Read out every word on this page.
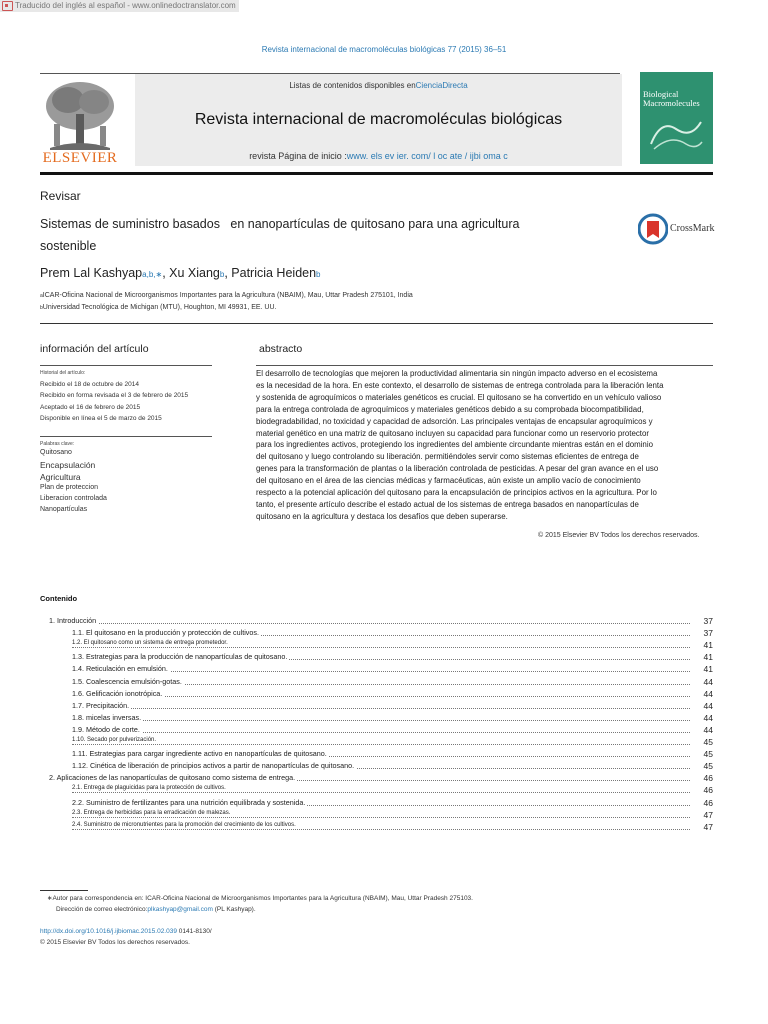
Traducido del inglés al español - www.onlinedoctranslator.com
Revista internacional de macromoléculas biológicas 77 (2015) 36–51
ELSEVIER
Listas de contenidos disponibles enCienciaDirecta
Revista internacional de macromoléculas biológicas
revista Página de inicio :www. els ev ier. com/ l oc ate / ijbi oma c
Biological Macromolecules
Revisar
Sistemas de suministro basados   en nanopartículas de quitosano para una agricultura
sostenible
CrossMark
Prem Lal Kashyapa,b,∗, Xu Xiangb, Patricia Heidenb
aICAR-Oficina Nacional de Microorganismos Importantes para la Agricultura (NBAIM), Mau, Uttar Pradesh 275101, India
bUniversidad Tecnológica de Michigan (MTU), Houghton, MI 49931, EE. UU.
información del artículo
Historial del artículo:
Recibido el 18 de octubre de 2014
Recibido en forma revisada el 3 de febrero de 2015
Aceptado el 16 de febrero de 2015
Disponible en línea el 5 de marzo de 2015
Palabras clave:
Quitosano
Encapsulación
Agricultura
Plan de proteccion
Liberacion controlada
Nanopartículas
abstracto
El desarrollo de tecnologías que mejoren la productividad alimentaria sin ningún impacto adverso en el ecosistema
es la necesidad de la hora. En este contexto, el desarrollo de sistemas de entrega controlada para la liberación lenta
y sostenida de agroquímicos o materiales genéticos es crucial. El quitosano se ha convertido en un vehículo valioso
para la entrega controlada de agroquímicos y materiales genéticos debido a su comprobada biocompatibilidad,
biodegradabilidad, no toxicidad y capacidad de adsorción. Las principales ventajas de encapsular agroquímicos y
material genético en una matriz de quitosano incluyen su capacidad para funcionar como un reservorio protector
para los ingredientes activos, protegiendo los ingredientes del ambiente circundante mientras están en el dominio
del quitosano y luego controlando su liberación. permitiéndoles servir como sistemas eficientes de entrega de
genes para la transformación de plantas o la liberación controlada de pesticidas. A pesar del gran avance en el uso
del quitosano en el área de las ciencias médicas y farmacéuticas, aún existe un amplio vacío de conocimiento
respecto a la potencial aplicación del quitosano para la encapsulación de principios activos en la agricultura. Por lo
tanto, el presente artículo describe el estado actual de los sistemas de entrega basados en nanopartículas de
quitosano en la agricultura y destaca los desafíos que deben superarse.
© 2015 Elsevier BV Todos los derechos reservados.
Contenido
1. Introducción	37
1.1. El quitosano en la producción y protección de cultivos.	37
1.2. El quitosano como un sistema de entrega prometedor.	41
1.3. Estrategias para la producción de nanopartículas de quitosano.	41
1.4. Reticulación en emulsión.	41
1.5. Coalescencia emulsión-gotas.	44
1.6. Gelificación ionotrópica.	44
1.7. Precipitación.	44
1.8. micelas inversas.	44
1.9. Método de corte.	44
1.10. Secado por pulverización.	45
1.11. Estrategias para cargar ingrediente activo en nanopartículas de quitosano.	45
1.12. Cinética de liberación de principios activos a partir de nanopartículas de quitosano.	45
2. Aplicaciones de las nanopartículas de quitosano como sistema de entrega.	46
2.1. Entrega de plaguicidas para la protección de cultivos.	46
2.2. Suministro de fertilizantes para una nutrición equilibrada y sostenida.	46
2.3. Entrega de herbicidas para la erradicación de malezas.	47
2.4. Suministro de micronutrientes para la promoción del crecimiento de los cultivos.	47
∗Autor para correspondencia en: ICAR-Oficina Nacional de Microorganismos Importantes para la Agricultura (NBAIM), Mau, Uttar Pradesh 275103.
Dirección de correo electrónico:plkashyap@gmail.com (PL Kashyap).
http://dx.doi.org/10.1016/j.ijbiomac.2015.02.039 0141-8130/
© 2015 Elsevier BV Todos los derechos reservados.
